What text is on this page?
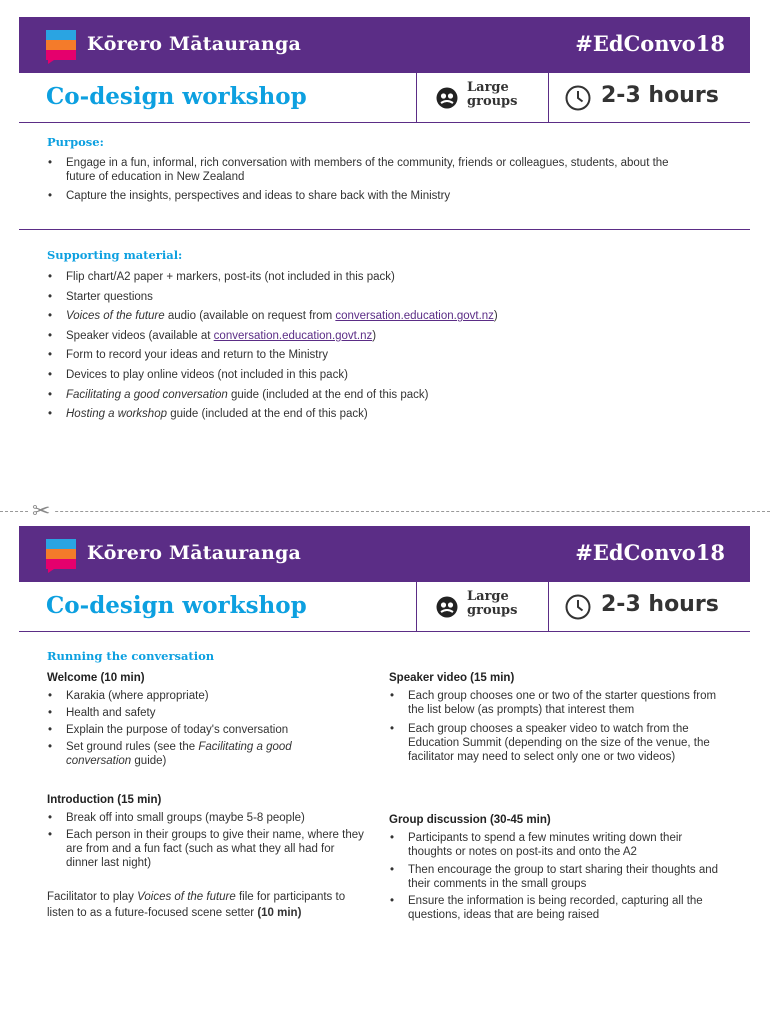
Kōrero Mātauranga	#EdConvo18
Co-design workshop	Large groups	2-3 hours
Purpose:
• Engage in a fun, informal, rich conversation with members of the community, friends or colleagues, students, about the future of education in New Zealand
• Capture the insights, perspectives and ideas to share back with the Ministry
Supporting material:
• Flip chart/A2 paper + markers, post-its (not included in this pack)
• Starter questions
• Voices of the future audio (available on request from conversation.education.govt.nz)
• Speaker videos (available at conversation.education.govt.nz)
• Form to record your ideas and return to the Ministry
• Devices to play online videos (not included in this pack)
• Facilitating a good conversation guide (included at the end of this pack)
• Hosting a workshop guide (included at the end of this pack)
✂
Kōrero Mātauranga	#EdConvo18
Co-design workshop	Large groups	2-3 hours
Running the conversation
Welcome (10 min)
• Karakia (where appropriate)
• Health and safety
• Explain the purpose of today's conversation
• Set ground rules (see the Facilitating a good conversation guide)
Introduction (15 min)
• Break off into small groups (maybe 5-8 people)
• Each person in their groups to give their name, where they are from and a fun fact (such as what they all had for dinner last night)
Facilitator to play Voices of the future file for participants to listen to as a future-focused scene setter (10 min)
Speaker video (15 min)
• Each group chooses one or two of the starter questions from the list below (as prompts) that interest them
• Each group chooses a speaker video to watch from the Education Summit (depending on the size of the venue, the facilitator may need to select only one or two videos)
Group discussion (30-45 min)
• Participants to spend a few minutes writing down their thoughts or notes on post-its and onto the A2
• Then encourage the group to start sharing their thoughts and their comments in the small groups
• Ensure the information is being recorded, capturing all the questions, ideas that are being raised
